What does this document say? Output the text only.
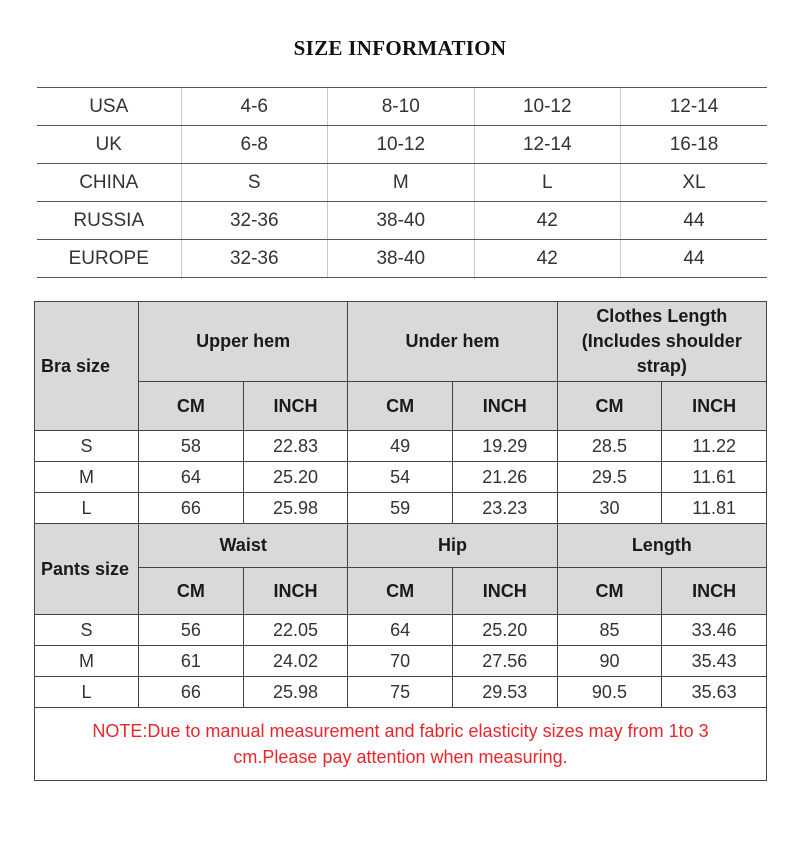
SIZE INFORMATION
USA	4-6	8-10	10-12	12-14
UK	6-8	10-12	12-14	16-18
CHINA	S	M	L	XL
RUSSIA	32-36	38-40	42	44
EUROPE	32-36	38-40	42	44
Bra size	Upper hem		Under hem		Clothes Length (Includes shoulder strap)	
	CM	INCH	CM	INCH	CM	INCH
S	58	22.83	49	19.29	28.5	11.22
M	64	25.20	54	21.26	29.5	11.61
L	66	25.98	59	23.23	30	11.81
Pants size	Waist		Hip		Length	
	CM	INCH	CM	INCH	CM	INCH
S	56	22.05	64	25.20	85	33.46
M	61	24.02	70	27.56	90	35.43
L	66	25.98	75	29.53	90.5	35.63
NOTE:Due to manual measurement and fabric elasticity sizes may from 1to 3 cm.Please pay attention when measuring.						
